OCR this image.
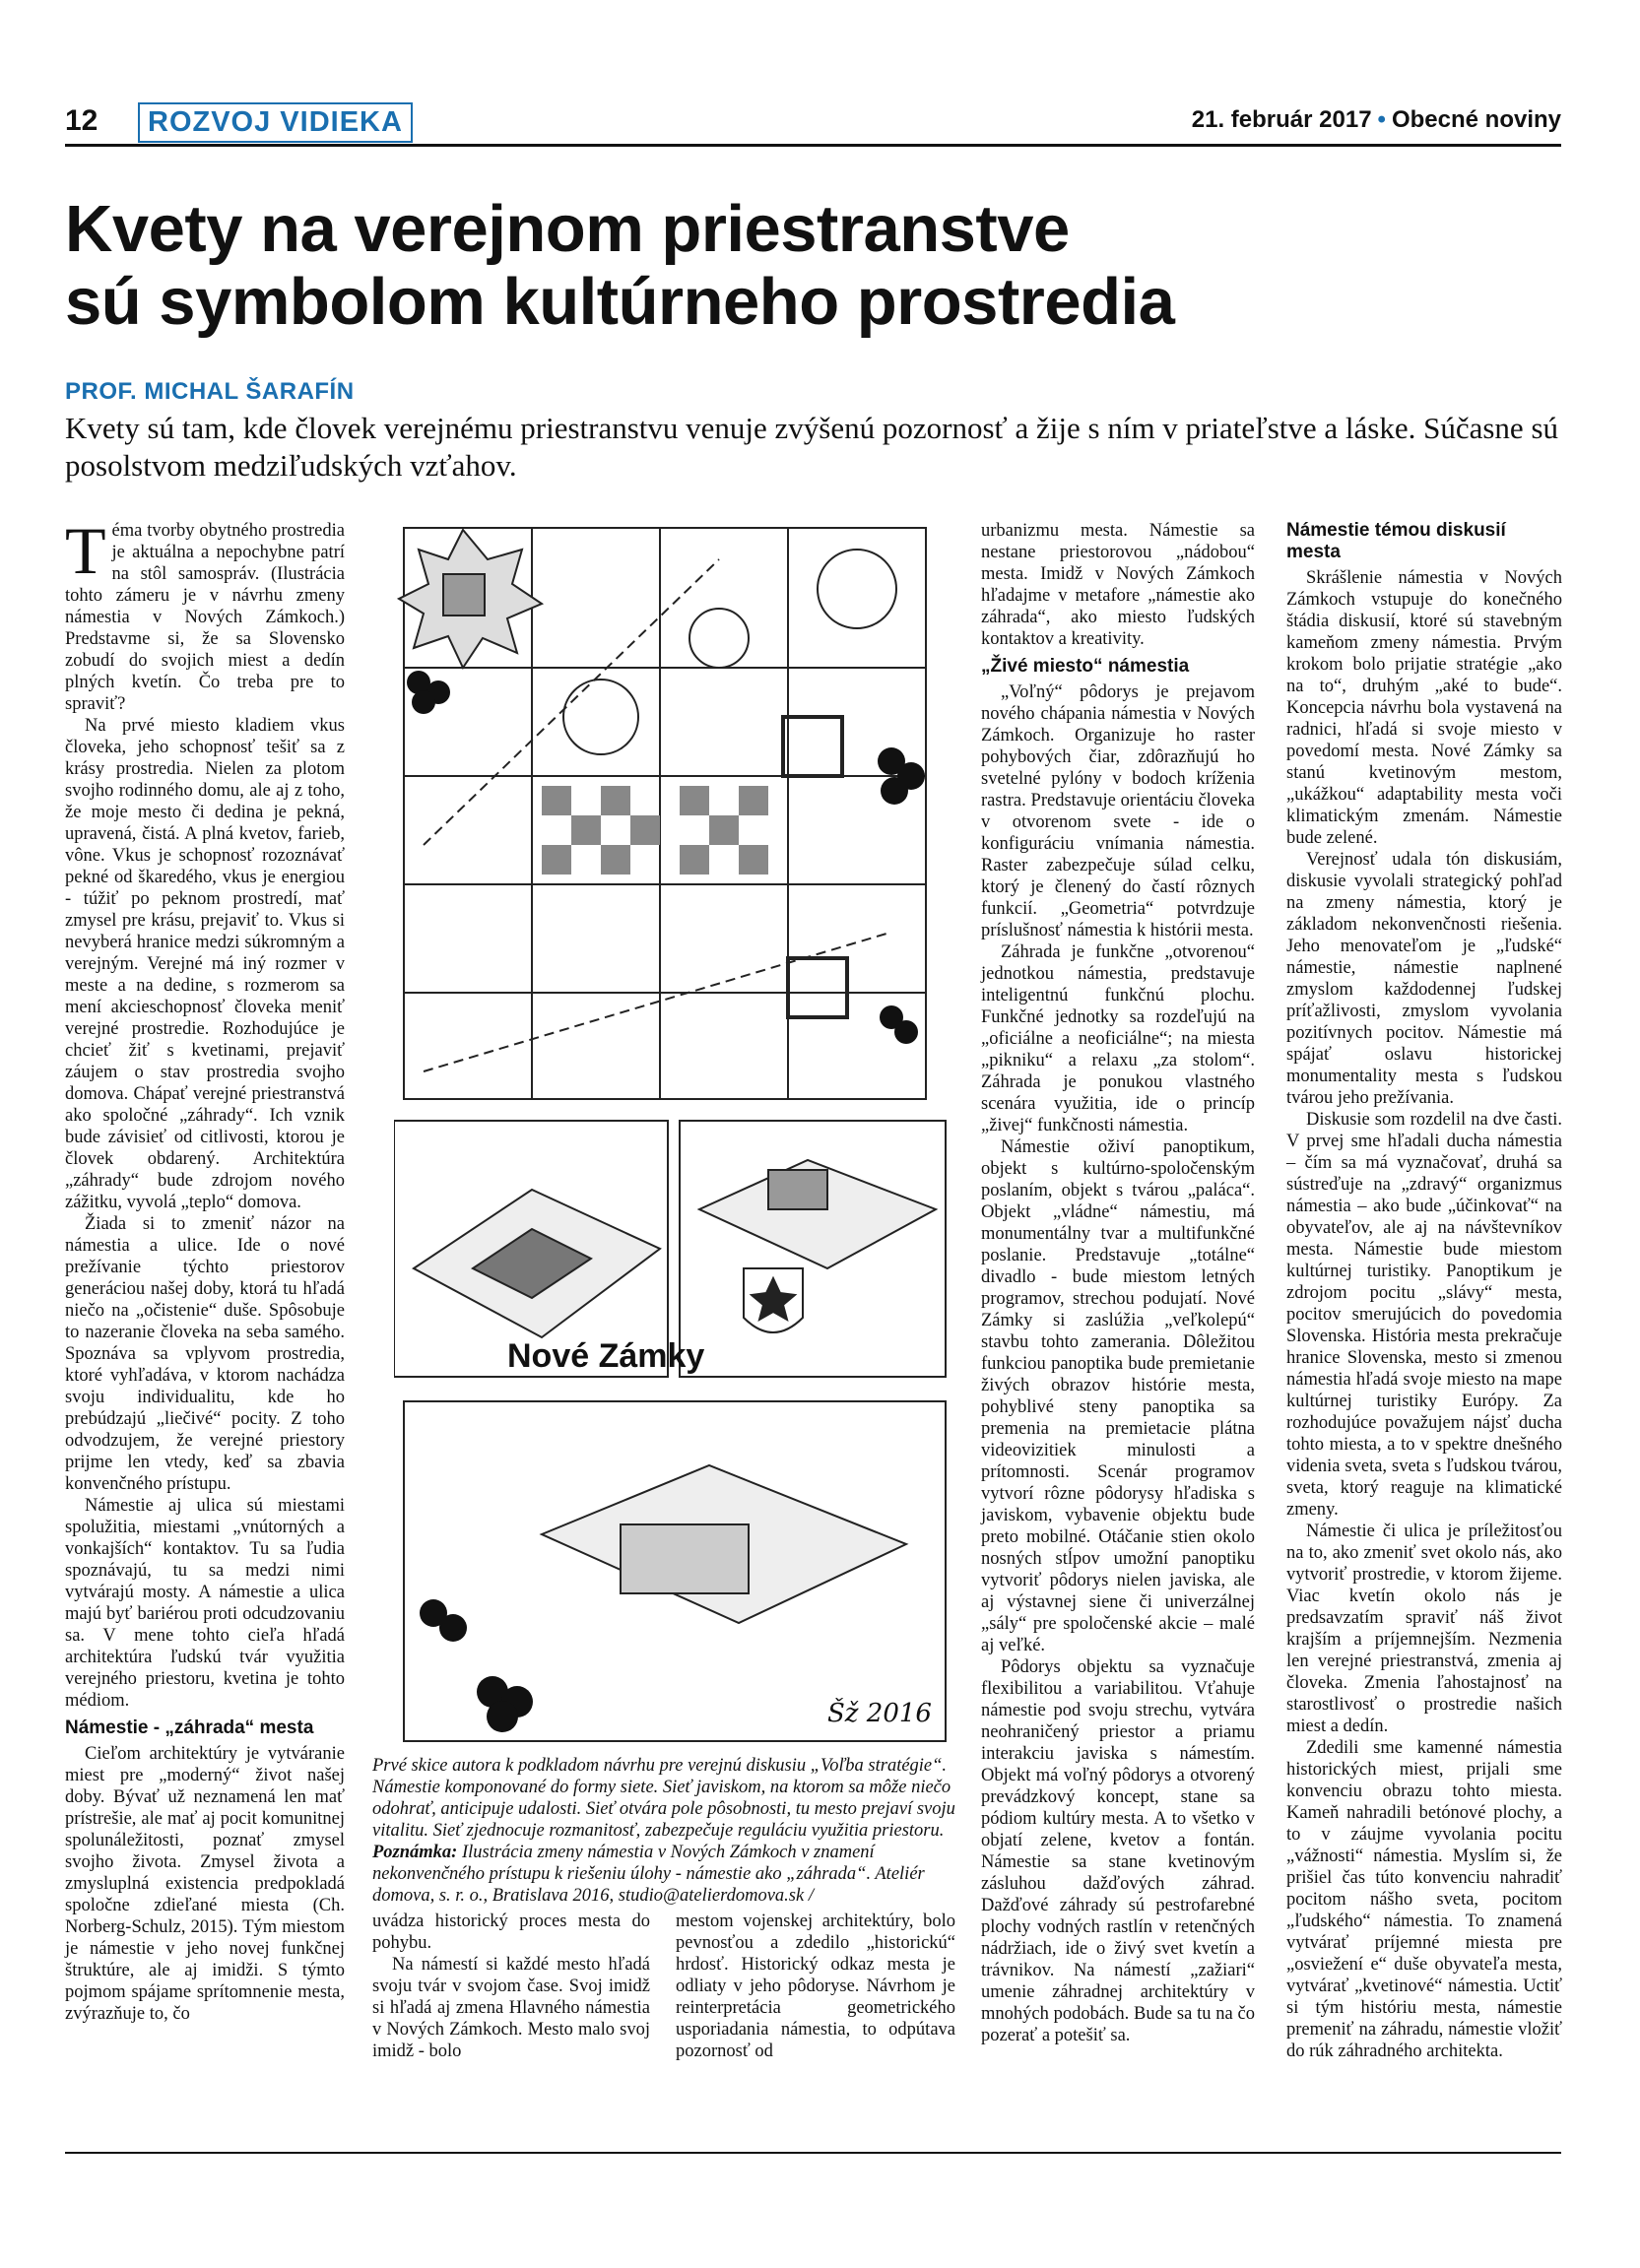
12	ROZVOJ VIDIEKA	21. február 2017 • Obecné noviny
Kvety na verejnom priestranstve
sú symbolom kultúrneho prostredia
PROF. MICHAL ŠARAFÍN
Kvety sú tam, kde človek verejnému priestranstvu venuje zvýšenú pozornosť a žije s ním v priateľstve a láske. Súčasne sú posolstvom medziľudských vzťahov.

Téma tvorby obytného prostredia je aktuálna a nepochybne patrí na stôl samospráv. (Ilustrácia tohto zámeru je v návrhu zmeny námestia v Nových Zámkoch.) Predstavme si, že sa Slovensko zobudí do svojich miest a dedín plných kvetín. Čo treba pre to spraviť?

Na prvé miesto kladiem vkus človeka, jeho schopnosť tešiť sa z krásy prostredia. Nielen za plotom svojho rodinného domu, ale aj z toho, že moje mesto či dedina je pekná, upravená, čistá. A plná kvetov, farieb, vône. Vkus je schopnosť rozoznávať pekné od škaredého, vkus je energiou - túžiť po peknom prostredí, mať zmysel pre krásu, prejaviť to. Vkus si nevyberá hranice medzi súkromným a verejným. Verejné má iný rozmer v meste a na dedine, s rozmerom sa mení akcieschopnosť človeka meniť verejné prostredie. Rozhodujúce je chcieť žiť s kvetinami, prejaviť záujem o stav prostredia svojho domova. Chápať verejné priestranstvá ako spoločné „záhrady“. Ich vznik bude závisieť od citlivosti, ktorou je človek obdarený. Architektúra „záhrady“ bude zdrojom nového zážitku, vyvolá „teplo“ domova.

Žiada si to zmeniť názor na námestia a ulice. Ide o nové prežívanie týchto priestorov generáciou našej doby, ktorá tu hľadá niečo na „očistenie“ duše. Spôsobuje to nazeranie človeka na seba samého. Spoznáva sa vplyvom prostredia, ktoré vyhľadáva, v ktorom nachádza svoju individualitu, kde ho prebúdzajú „liečivé“ pocity. Z toho odvodzujem, že verejné priestory prijme len vtedy, keď sa zbavia konvenčného prístupu.

Námestie aj ulica sú miestami spolužitia, miestami „vnútorných a vonkajších“ kontaktov. Tu sa ľudia spoznávajú, tu sa medzi nimi vytvárajú mosty. A námestie a ulica majú byť bariérou proti odcudzovaniu sa. V mene tohto cieľa hľadá architektúra ľudskú tvár využitia verejného priestoru, kvetina je tohto médiom.

Námestie - „záhrada“ mesta

Cieľom architektúry je vytváranie miest pre „moderný“ život našej doby. Bývať už neznamená len mať prístrešie, ale mať aj pocit komunitnej spolunáležitosti, poznať zmysel svojho života. Zmysel života a zmysluplná existencia predpokladá spoločne zdieľané miesta (Ch. Norberg-Schulz, 2015). Tým miestom je námestie v jeho novej funkčnej štruktúre, ale aj imidži. S týmto pojmom spájame sprítomnenie mesta, zvýrazňuje to, čo

Nové Zámky
Šž 2016
Prvé skice autora k podkladom návrhu pre verejnú diskusiu „Voľba stratégie“. Námestie komponované do formy siete. Sieť javiskom, na ktorom sa môže niečo odohrať, anticipuje udalosti. Sieť otvára pole pôsobnosti, tu mesto prejaví svoju vitalitu. Sieť zjednocuje rozmanitosť, zabezpečuje reguláciu využitia priestoru.
Poznámka: Ilustrácia zmeny námestia v Nových Zámkoch v znamení nekonvenčného prístupu k riešeniu úlohy - námestie ako „záhrada“. Ateliér domova, s. r. o., Bratislava 2016, studio@atelierdomova.sk /

uvádza historický proces mesta do pohybu.

Na námestí si každé mesto hľadá svoju tvár v svojom čase. Svoj imidž si hľadá aj zmena Hlavného námestia v Nových Zámkoch. Mesto malo svoj imidž - bolo

mestom vojenskej architektúry, bolo pevnosťou a zdedilo „historickú“ hrdosť. Historický odkaz mesta je odliaty v jeho pôdoryse. Návrhom je reinterpretácia geometrického usporiadania námestia, to odpútava pozornosť od

urbanizmu mesta. Námestie sa nestane priestorovou „nádobou“ mesta. Imidž v Nových Zámkoch hľadajme v metafore „námestie ako záhrada“, ako miesto ľudských kontaktov a kreativity.

„Živé miesto“ námestia

„Voľný“ pôdorys je prejavom nového chápania námestia v Nových Zámkoch. Organizuje ho raster pohybových čiar, zdôrazňujú ho svetelné pylóny v bodoch kríženia rastra. Predstavuje orientáciu človeka v otvorenom svete - ide o konfiguráciu vnímania námestia. Raster zabezpečuje súlad celku, ktorý je členený do častí rôznych funkcií. „Geometria“ potvrdzuje príslušnosť námestia k histórii mesta.

Záhrada je funkčne „otvorenou“ jednotkou námestia, predstavuje inteligentnú funkčnú plochu. Funkčné jednotky sa rozdeľujú na „oficiálne a neoficiálne“; na miesta „pikniku“ a relaxu „za stolom“. Záhrada je ponukou vlastného scenára využitia, ide o princíp „živej“ funkčnosti námestia.

Námestie oživí panoptikum, objekt s kultúrno-spoločenským poslaním, objekt s tvárou „paláca“. Objekt „vládne“ námestiu, má monumentálny tvar a multifunkčné poslanie. Predstavuje „totálne“ divadlo - bude miestom letných programov, strechou podujatí. Nové Zámky si zaslúžia „veľkolepú“ stavbu tohto zamerania. Dôležitou funkciou panoptika bude premietanie živých obrazov histórie mesta, pohyblivé steny panoptika sa premenia na premietacie plátna videovizitiek minulosti a prítomnosti. Scenár programov vytvorí rôzne pôdorysy hľadiska s javiskom, vybavenie objektu bude preto mobilné. Otáčanie stien okolo nosných stĺpov umožní panoptiku vytvoriť pôdorys nielen javiska, ale aj výstavnej siene či univerzálnej „sály“ pre spoločenské akcie – malé aj veľké.

Pôdorys objektu sa vyznačuje flexibilitou a variabilitou. Vťahuje námestie pod svoju strechu, vytvára neohraničený priestor a priamu interakciu javiska s námestím. Objekt má voľný pôdorys a otvorený prevádzkový koncept, stane sa pódiom kultúry mesta. A to všetko v objatí zelene, kvetov a fontán. Námestie sa stane kvetinovým zásluhou dažďových záhrad. Dažďové záhrady sú pestrofarebné plochy vodných rastlín v retenčných nádržiach, ide o živý svet kvetín a trávnikov. Na námestí „zažiari“ umenie záhradnej architektúry v mnohých podobách. Bude sa tu na čo pozerať a potešiť sa.

Námestie témou diskusií mesta

Skrášlenie námestia v Nových Zámkoch vstupuje do konečného štádia diskusií, ktoré sú stavebným kameňom zmeny námestia. Prvým krokom bolo prijatie stratégie „ako na to“, druhým „aké to bude“. Koncepcia návrhu bola vystavená na radnici, hľadá si svoje miesto v povedomí mesta. Nové Zámky sa stanú kvetinovým mestom, „ukážkou“ adaptability mesta voči klimatickým zmenám. Námestie bude zelené.

Verejnosť udala tón diskusiám, diskusie vyvolali strategický pohľad na zmeny námestia, ktorý je základom nekonvenčnosti riešenia. Jeho menovateľom je „ľudské“ námestie, námestie naplnené zmyslom každodennej ľudskej príťažlivosti, zmyslom vyvolania pozitívnych pocitov. Námestie má spájať oslavu historickej monumentality mesta s ľudskou tvárou jeho prežívania.

Diskusie som rozdelil na dve časti. V prvej sme hľadali ducha námestia – čím sa má vyznačovať, druhá sa sústreďuje na „zdravý“ organizmus námestia – ako bude „účinkovať“ na obyvateľov, ale aj na návštevníkov mesta. Námestie bude miestom kultúrnej turistiky. Panoptikum je zdrojom pocitu „slávy“ mesta, pocitov smerujúcich do povedomia Slovenska. História mesta prekračuje hranice Slovenska, mesto si zmenou námestia hľadá svoje miesto na mape kultúrnej turistiky Európy. Za rozhodujúce považujem nájsť ducha tohto miesta, a to v spektre dnešného videnia sveta, sveta s ľudskou tvárou, sveta, ktorý reaguje na klimatické zmeny.

Námestie či ulica je príležitosťou na to, ako zmeniť svet okolo nás, ako vytvoriť prostredie, v ktorom žijeme. Viac kvetín okolo nás je predsavzatím spraviť náš život krajším a príjemnejším. Nezmenia len verejné priestranstvá, zmenia aj človeka. Zmenia ľahostajnosť na starostlivosť o prostredie našich miest a dedín.

Zdedili sme kamenné námestia historických miest, prijali sme konvenciu obrazu tohto miesta. Kameň nahradili betónové plochy, a to v záujme vyvolania pocitu „vážnosti“ námestia. Myslím si, že prišiel čas túto konvenciu nahradiť pocitom nášho sveta, pocitom „ľudského“ námestia. To znamená vytvárať príjemné miesta pre „osviežení e“ duše obyvateľa mesta, vytvárať „kvetinové“ námestia. Uctiť si tým históriu mesta, námestie premeniť na záhradu, námestie vložiť do rúk záhradného architekta.
